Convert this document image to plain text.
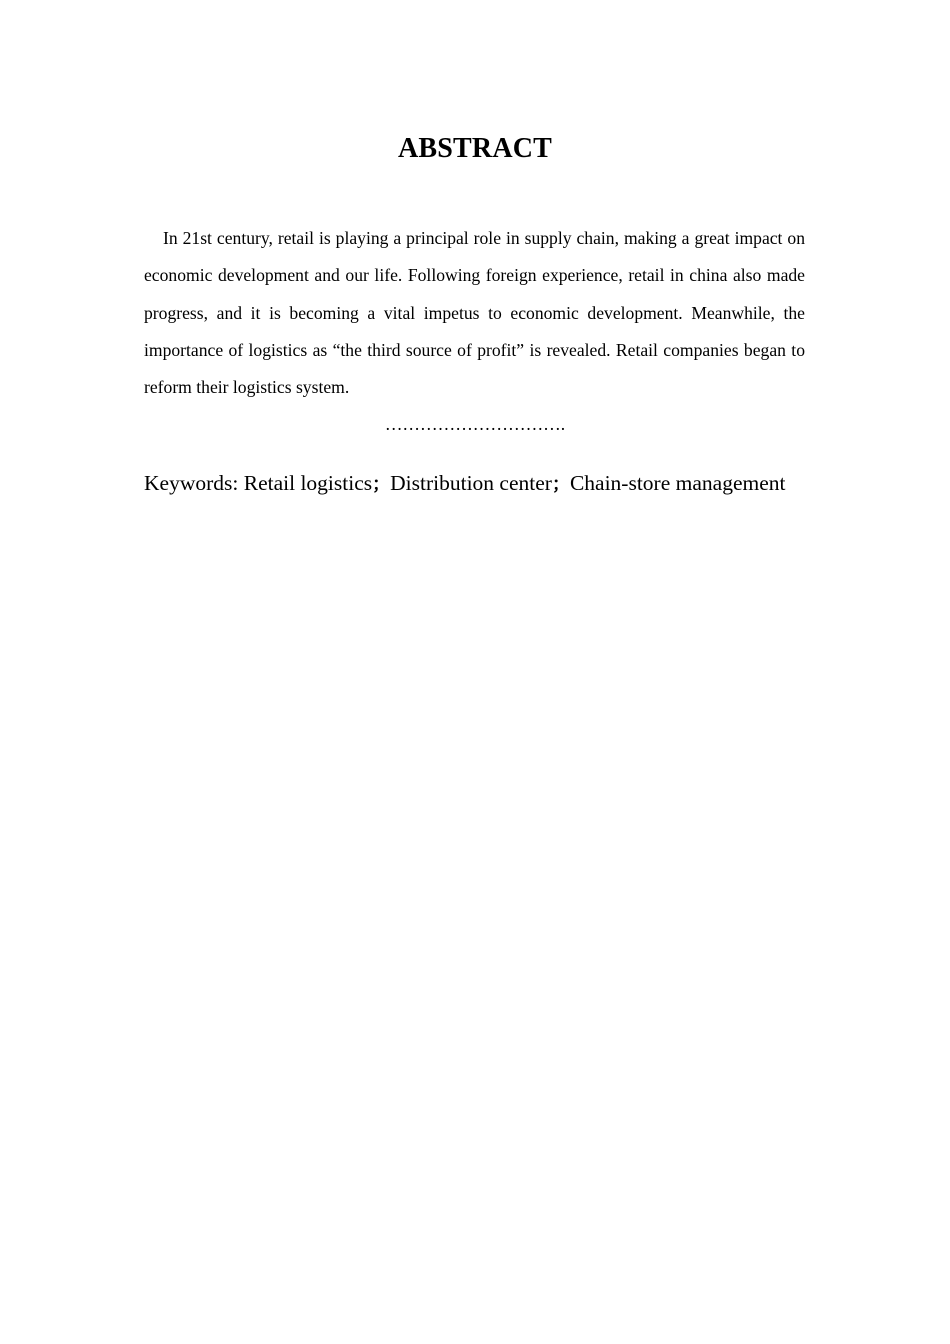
ABSTRACT

In 21st century, retail is playing a principal role in supply chain, making a great impact on economic development and our life. Following foreign experience, retail in china also made progress, and it is becoming a vital impetus to economic development. Meanwhile, the importance of logistics as “the third source of profit” is revealed. Retail companies began to reform their logistics system.

………………………….
Keywords: Retail logistics；Distribution center；Chain-store management
